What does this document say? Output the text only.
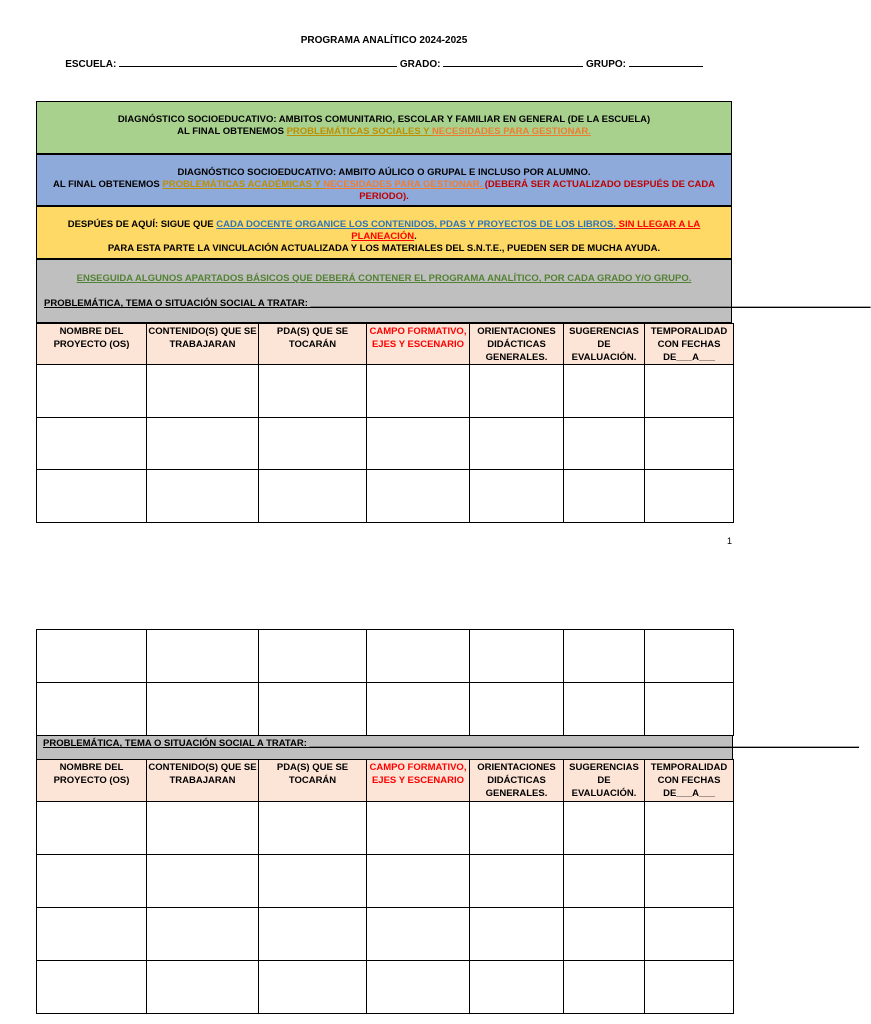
PROGRAMA ANALÍTICO 2024-2025
ESCUELA:	GRADO:	GRUPO:
DIAGNÓSTICO SOCIOEDUCATIVO: AMBITOS COMUNITARIO, ESCOLAR Y FAMILIAR EN GENERAL (DE LA ESCUELA)
AL FINAL OBTENEMOS PROBLEMÁTICAS SOCIALES Y NECESIDADES PARA GESTIONAR.
DIAGNÓSTICO SOCIOEDUCATIVO: AMBITO AÚLICO O GRUPAL E INCLUSO POR ALUMNO.
AL FINAL OBTENEMOS PROBLEMÁTICAS ACADÉMICAS Y NECESIDADES PARA GESTIONAR. (DEBERÁ SER ACTUALIZADO DESPUÉS DE CADA PERIODO).
DESPÚES DE AQUÍ: SIGUE QUE CADA DOCENTE ORGANICE LOS CONTENIDOS, PDAS Y PROYECTOS DE LOS LIBROS. SIN LLEGAR A LA PLANEACIÓN.
PARA ESTA PARTE LA VINCULACIÓN ACTUALIZADA Y LOS MATERIALES DEL S.N.T.E., PUEDEN SER DE MUCHA AYUDA.
ENSEGUIDA ALGUNOS APARTADOS BÁSICOS QUE DEBERÁ CONTENER EL PROGRAMA ANALÍTICO, POR CADA GRADO Y/O GRUPO.
PROBLEMÁTICA, TEMA O SITUACIÓN SOCIAL A TRATAR: __________________________________________________________________________________________________________
NOMBRE DEL PROYECTO (OS)	CONTENIDO(S) QUE SE TRABAJARAN	PDA(S) QUE SE TOCARÁN	CAMPO FORMATIVO, EJES Y ESCENARIO	ORIENTACIONES DIDÁCTICAS GENERALES.	SUGERENCIAS DE EVALUACIÓN.	TEMPORALIDAD CON FECHAS DE___A___

1

PROBLEMÁTICA, TEMA O SITUACIÓN SOCIAL A TRATAR: ________________________________________________________________________________________________________
NOMBRE DEL PROYECTO (OS)	CONTENIDO(S) QUE SE TRABAJARAN	PDA(S) QUE SE TOCARÁN	CAMPO FORMATIVO, EJES Y ESCENARIO	ORIENTACIONES DIDÁCTICAS GENERALES.	SUGERENCIAS DE EVALUACIÓN.	TEMPORALIDAD CON FECHAS DE___A___
